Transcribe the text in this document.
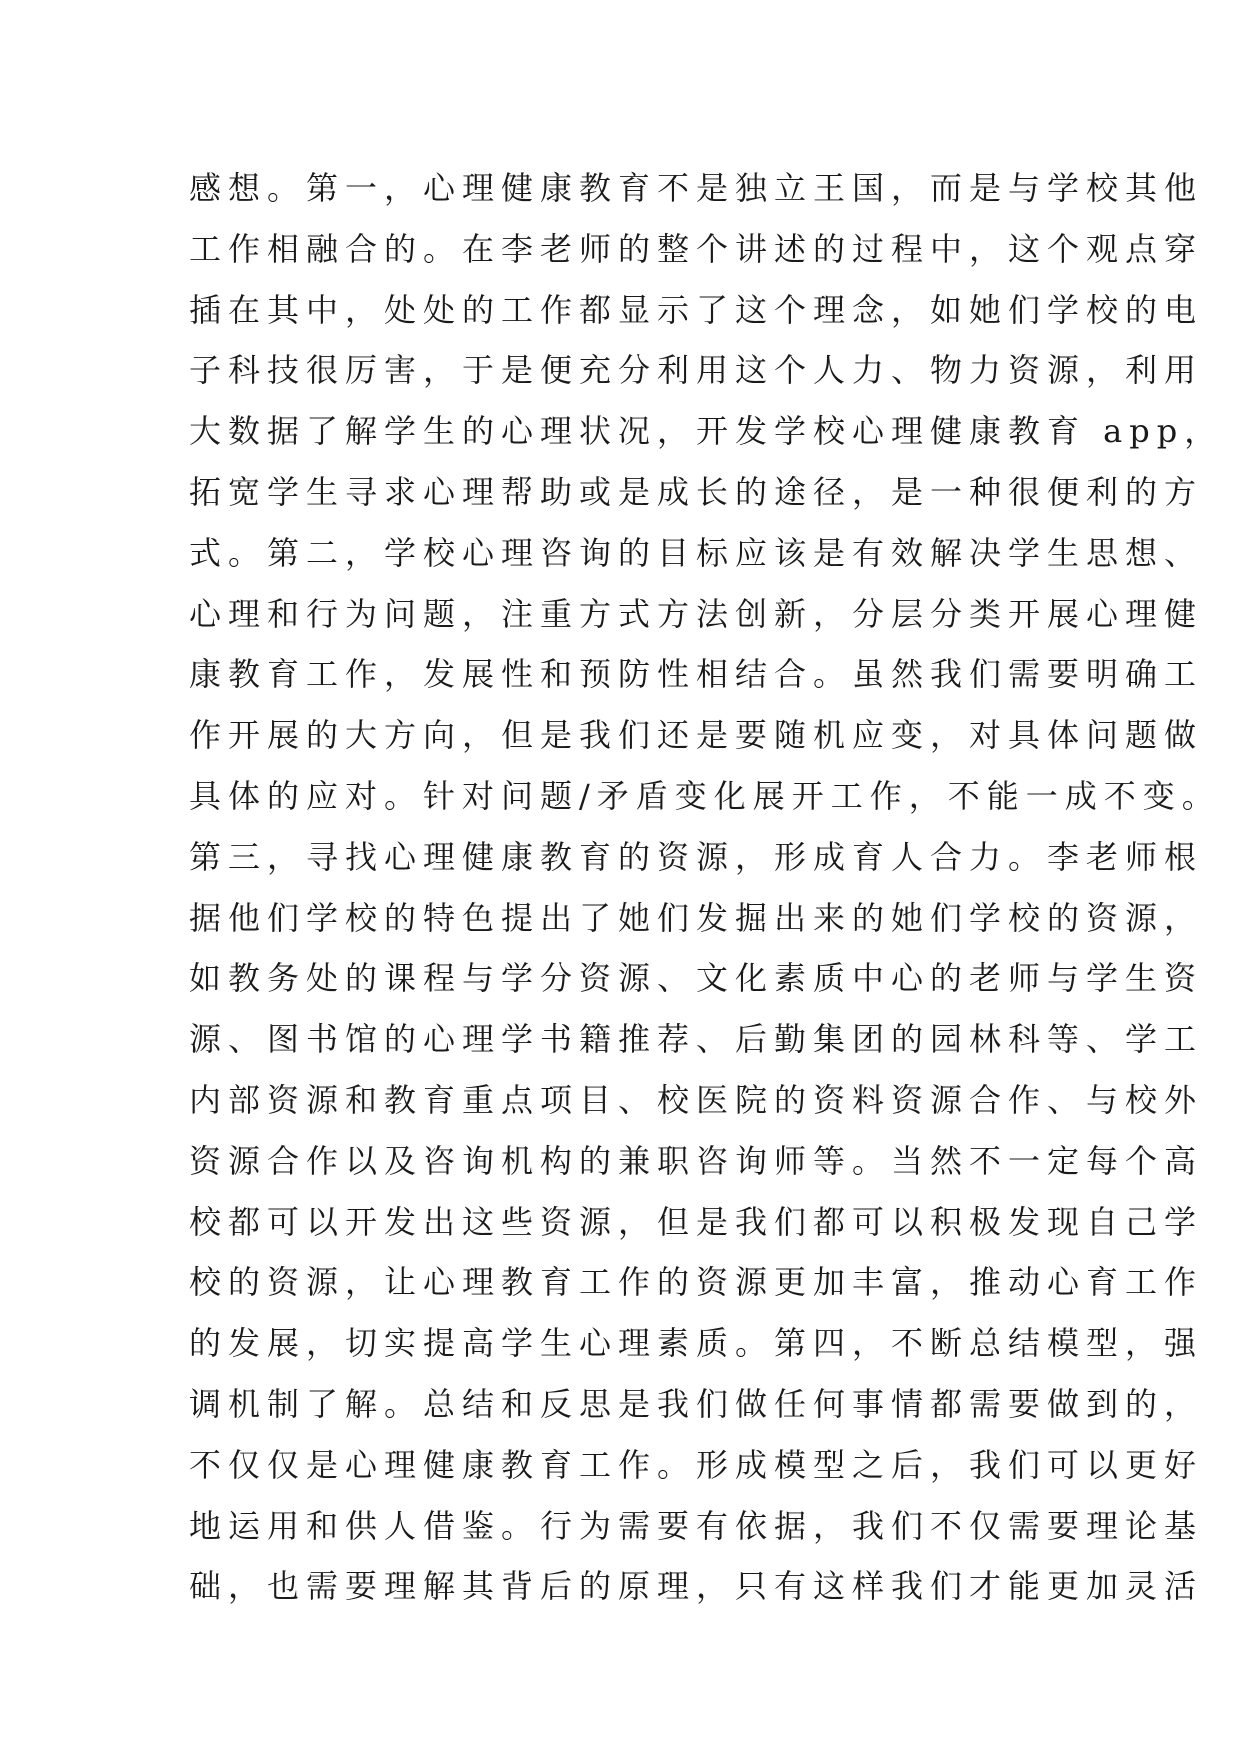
感想。第一，心理健康教育不是独立王国，而是与学校其他
工作相融合的。在李老师的整个讲述的过程中，这个观点穿
插在其中，处处的工作都显示了这个理念，如她们学校的电
子科技很厉害，于是便充分利用这个人力、物力资源，利用
大数据了解学生的心理状况，开发学校心理健康教育 app，
拓宽学生寻求心理帮助或是成长的途径，是一种很便利的方
式。第二，学校心理咨询的目标应该是有效解决学生思想、
心理和行为问题，注重方式方法创新，分层分类开展心理健
康教育工作，发展性和预防性相结合。虽然我们需要明确工
作开展的大方向，但是我们还是要随机应变，对具体问题做
具体的应对。针对问题/矛盾变化展开工作，不能一成不变。
第三，寻找心理健康教育的资源，形成育人合力。李老师根
据他们学校的特色提出了她们发掘出来的她们学校的资源，
如教务处的课程与学分资源、文化素质中心的老师与学生资
源、图书馆的心理学书籍推荐、后勤集团的园林科等、学工
内部资源和教育重点项目、校医院的资料资源合作、与校外
资源合作以及咨询机构的兼职咨询师等。当然不一定每个高
校都可以开发出这些资源，但是我们都可以积极发现自己学
校的资源，让心理教育工作的资源更加丰富，推动心育工作
的发展，切实提高学生心理素质。第四，不断总结模型，强
调机制了解。总结和反思是我们做任何事情都需要做到的，
不仅仅是心理健康教育工作。形成模型之后，我们可以更好
地运用和供人借鉴。行为需要有依据，我们不仅需要理论基
础，也需要理解其背后的原理，只有这样我们才能更加灵活
